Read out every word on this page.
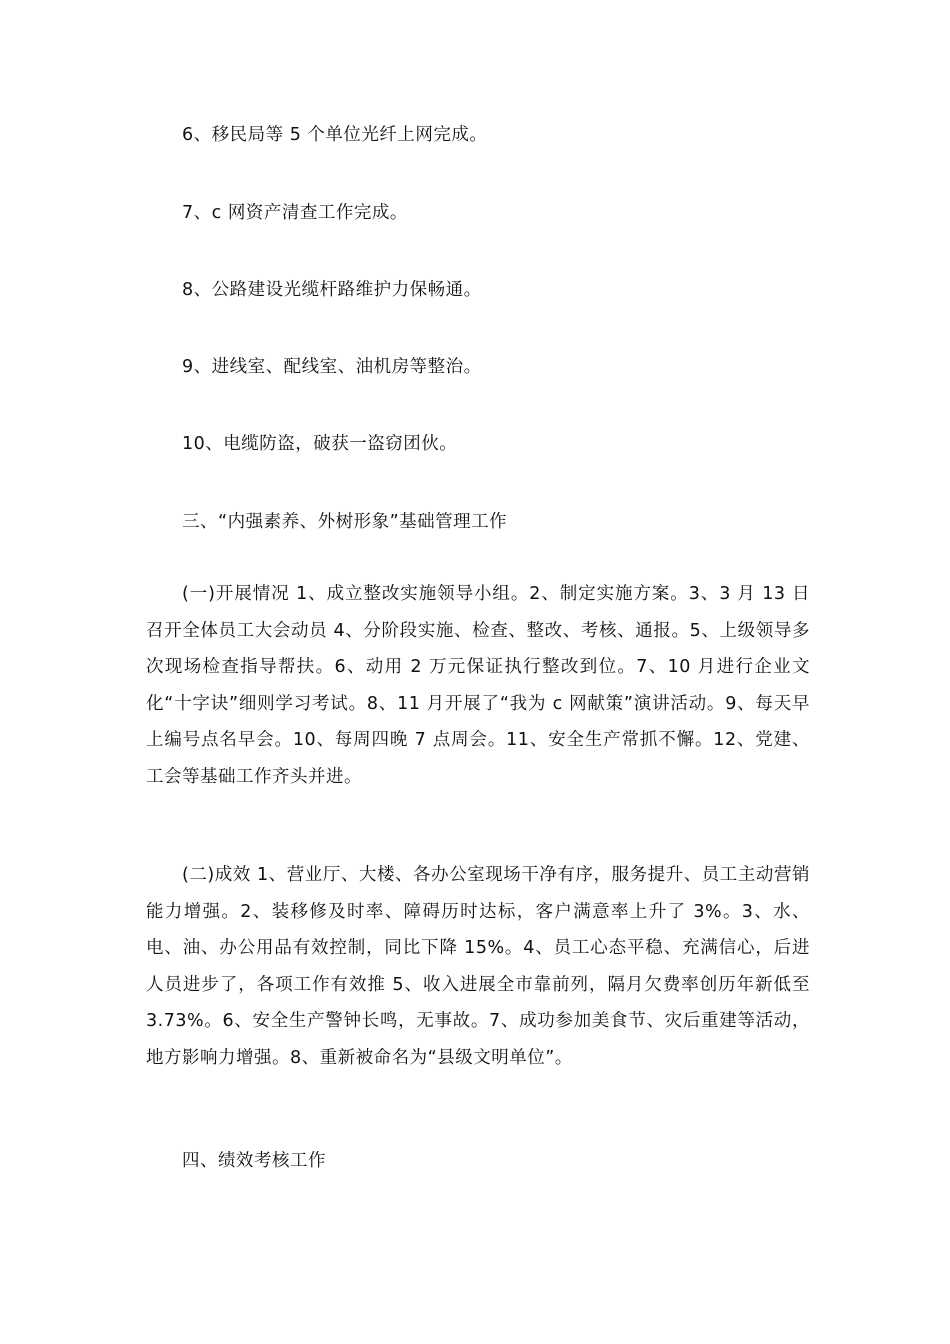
6、移民局等 5 个单位光纤上网完成。
7、c 网资产清查工作完成。
8、公路建设光缆杆路维护力保畅通。
9、进线室、配线室、油机房等整治。
10、电缆防盗，破获一盗窃团伙。
三、“内强素养、外树形象”基础管理工作
(一)开展情况 1、成立整改实施领导小组。2、制定实施方案。3、3 月 13 日召开全体员工大会动员 4、分阶段实施、检查、整改、考核、通报。5、上级领导多次现场检查指导帮扶。6、动用 2 万元保证执行整改到位。7、10 月进行企业文化“十字诀”细则学习考试。8、11 月开展了“我为 c 网献策”演讲活动。9、每天早上编号点名早会。10、每周四晚 7 点周会。11、安全生产常抓不懈。12、党建、工会等基础工作齐头并进。
(二)成效 1、营业厅、大楼、各办公室现场干净有序，服务提升、员工主动营销能力增强。2、装移修及时率、障碍历时达标，客户满意率上升了 3%。3、水、电、油、办公用品有效控制，同比下降 15%。4、员工心态平稳、充满信心，后进人员进步了，各项工作有效推 5、收入进展全市靠前列，隔月欠费率创历年新低至 3.73%。6、安全生产警钟长鸣，无事故。7、成功参加美食节、灾后重建等活动，地方影响力增强。8、重新被命名为“县级文明单位”。
四、绩效考核工作
